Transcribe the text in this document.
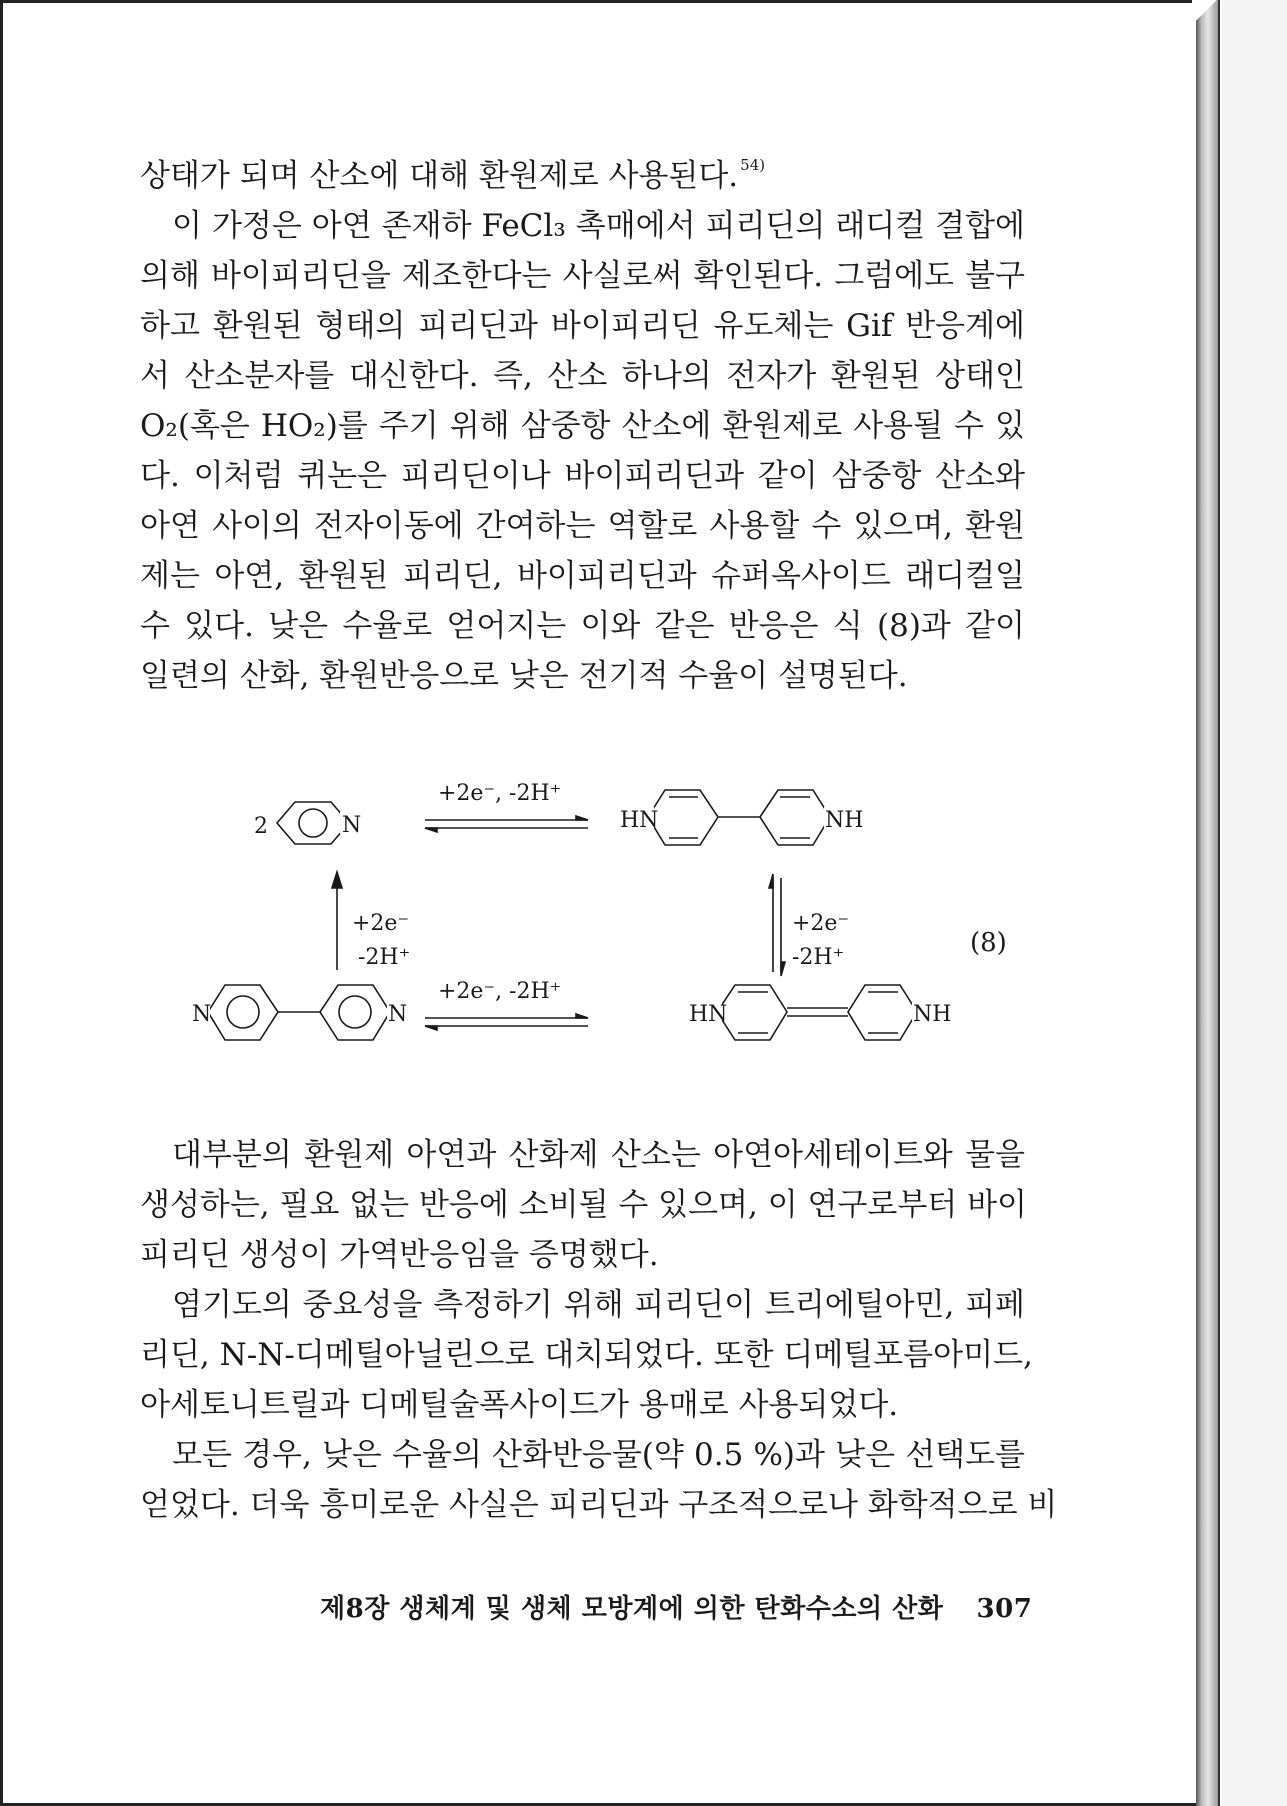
상태가 되며 산소에 대해 환원제로 사용된다. $^{54)}$
이 가정은 아연 존재하 FeCl₃ 촉매에서 피리딘의 래디컬 결합에
의해 바이피리딘을 제조한다는 사실로써 확인된다. 그럼에도 불구
하고 환원된 형태의 피리딘과 바이피리딘 유도체는 Gif 반응계에
서 산소분자를 대신한다. 즉, 산소 하나의 전자가 환원된 상태인
O₂(혹은 HO₂)를 주기 위해 삼중항 산소에 환원제로 사용될 수 있
다. 이처럼 퀴논은 피리딘이나 바이피리딘과 같이 삼중항 산소와
아연 사이의 전자이동에 간여하는 역할로 사용할 수 있으며, 환원
제는 아연, 환원된 피리딘, 바이피리딘과 슈퍼옥사이드 래디컬일
수 있다. 낮은 수율로 얻어지는 이와 같은 반응은 식 (8)과 같이
일련의 산화, 환원반응으로 낮은 전기적 수율이 설명된다.
2	N
+2e⁻, -2H⁺
HN	NH
+2e⁻
-2H⁺
+2e⁻
-2H⁺	(8)
N	N
+2e⁻, -2H⁺
HN	NH
대부분의 환원제 아연과 산화제 산소는 아연아세테이트와 물을
생성하는, 필요 없는 반응에 소비될 수 있으며, 이 연구로부터 바이
피리딘 생성이 가역반응임을 증명했다.
염기도의 중요성을 측정하기 위해 피리딘이 트리에틸아민, 피페
리딘, N-N-디메틸아닐린으로 대치되었다. 또한 디메틸포름아미드,
아세토니트릴과 디메틸술폭사이드가 용매로 사용되었다.
모든 경우, 낮은 수율의 산화반응물(약 0.5 %)과 낮은 선택도를
얻었다. 더욱 흥미로운 사실은 피리딘과 구조적으로나 화학적으로 비
제8장 생체계 및 생체 모방계에 의한 탄화수소의 산화 307
